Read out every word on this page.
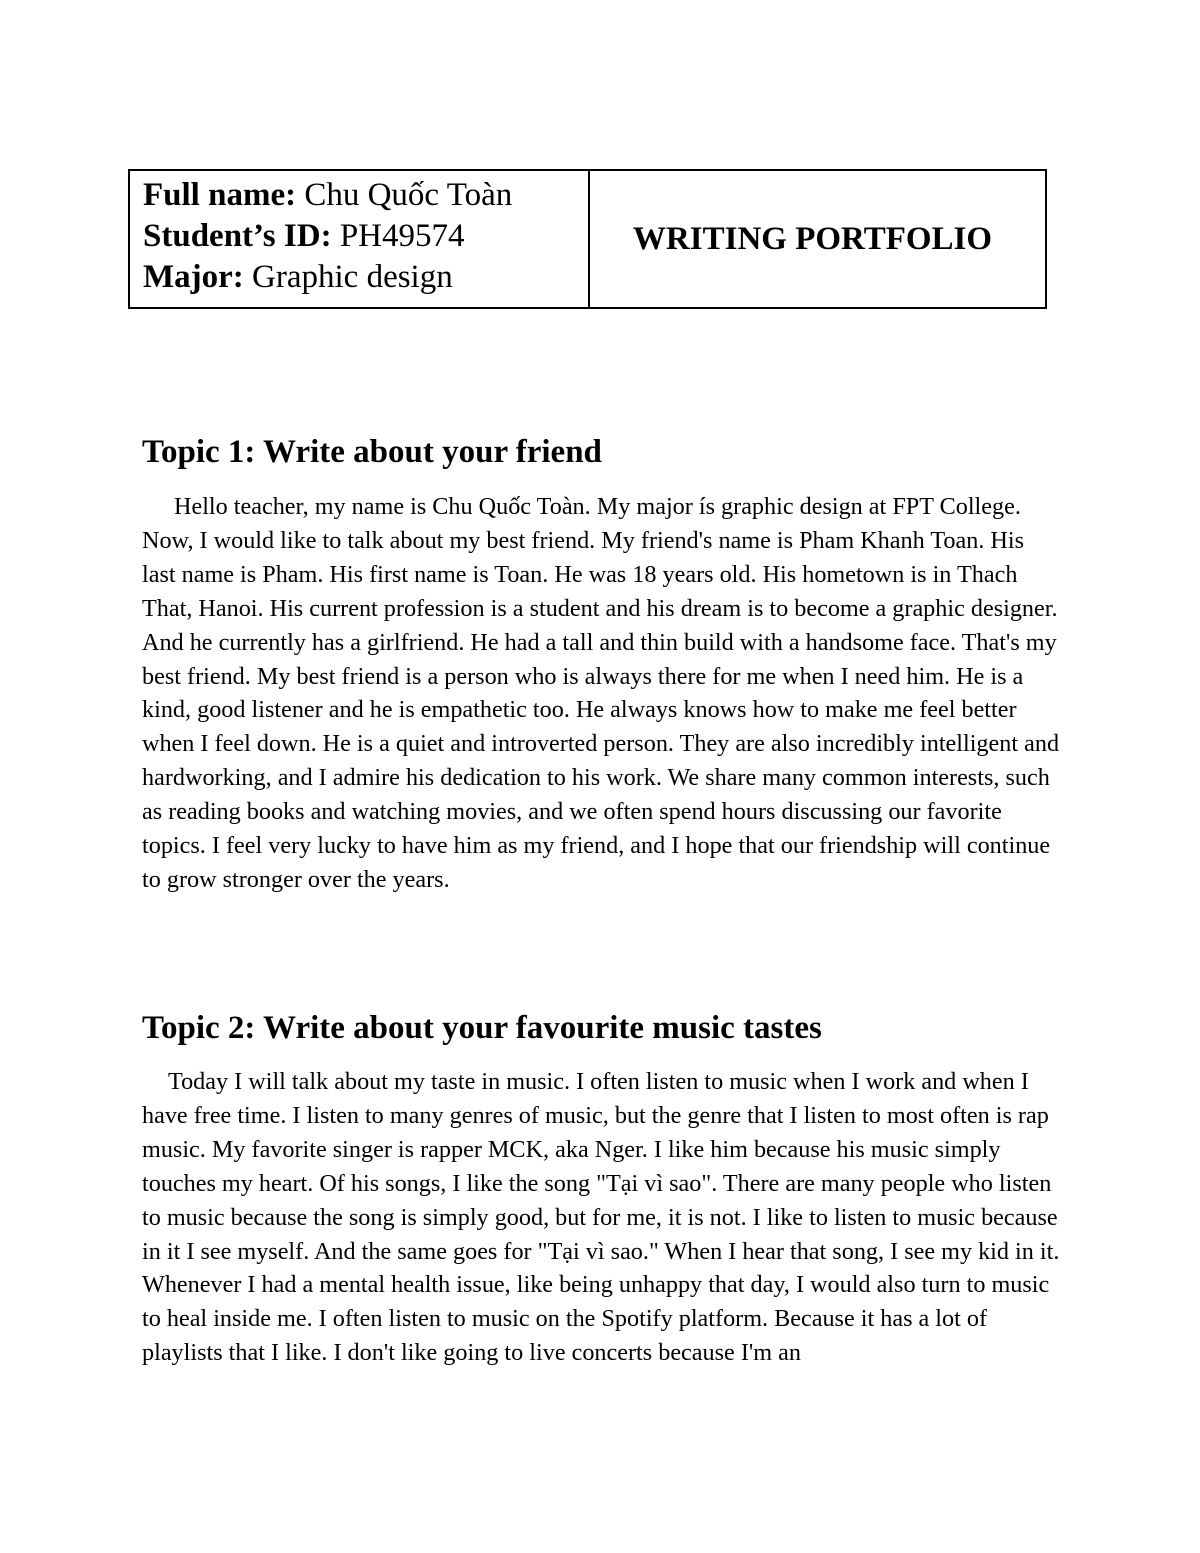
Full name: Chu Quốc Toàn
Student’s ID: PH49574
Major: Graphic design
WRITING PORTFOLIO
Topic 1: Write about your friend

Hello teacher, my name is Chu Quốc Toàn. My major ís graphic design at FPT College. Now, I would like to talk about my best friend. My friend's name is Pham Khanh Toan. His last name is Pham. His first name is Toan. He was 18 years old. His hometown is in Thach That, Hanoi. His current profession is a student and his dream is to become a graphic designer. And he currently has a girlfriend. He had a tall and thin build with a handsome face. That's my best friend. My best friend is a person who is always there for me when I need him. He is a kind, good listener and he is empathetic too. He always knows how to make me feel better when I feel down. He is a quiet and introverted person. They are also incredibly intelligent and hardworking, and I admire his dedication to his work. We share many common interests, such as reading books and watching movies, and we often spend hours discussing our favorite topics. I feel very lucky to have him as my friend, and I hope that our friendship will continue to grow stronger over the years.

Topic 2: Write about your favourite music tastes

Today I will talk about my taste in music. I often listen to music when I work and when I have free time. I listen to many genres of music, but the genre that I listen to most often is rap music. My favorite singer is rapper MCK, aka Nger. I like him because his music simply touches my heart. Of his songs, I like the song "Tại vì sao". There are many people who listen to music because the song is simply good, but for me, it is not. I like to listen to music because in it I see myself. And the same goes for "Tại vì sao." When I hear that song, I see my kid in it. Whenever I had a mental health issue, like being unhappy that day, I would also turn to music to heal inside me. I often listen to music on the Spotify platform. Because it has a lot of playlists that I like. I don't like going to live concerts because I'm an
